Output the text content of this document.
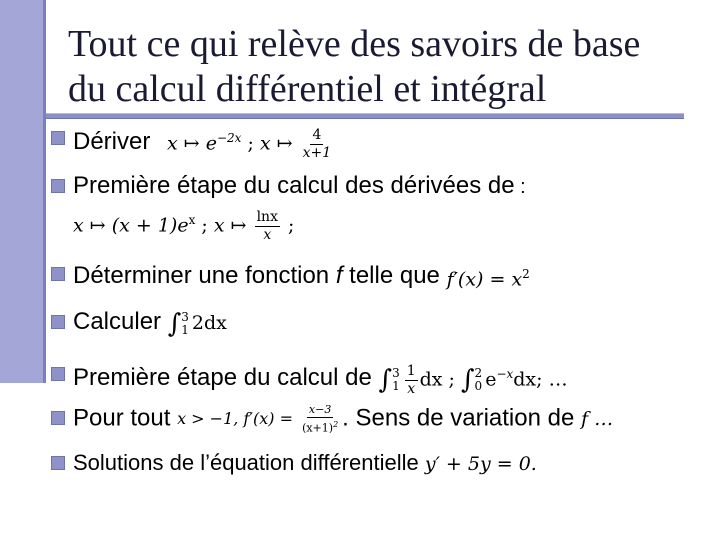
Tout ce qui relève des savoirs de base
du calcul différentiel et intégral
Dériver x ↦ $e^{-2x}$ ; x ↦ $\frac{4}{x+1}$
Première étape du calcul des dérivées de :
x ↦ $(x + 1)e^x$ ; x ↦ $\frac{\ln x}{x}$ ;
Déterminer une fonction f telle que $f'(x) = x^2$
Calculer ∫ 3
1 2dx
Première étape du calcul de ∫ 3
$1 \frac{1}{x}$ dx ; ∫ 2
0 $e^{-x}dx$; …
Pour tout x > −1, $f'(x) = \frac{x-3}{(x+1)^2}$ . Sens de variation de f …
Solutions de l’équation différentielle y′ + 5y = 0.
